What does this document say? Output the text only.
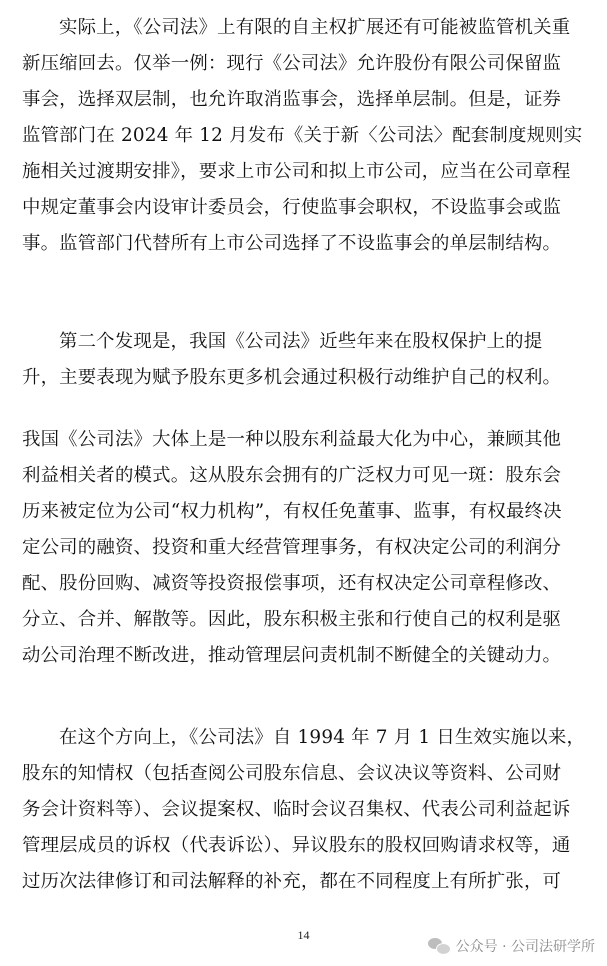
实际上，《公司法》上有限的自主权扩展还有可能被监管机关重
新压缩回去。仅举一例：现行《公司法》允许股份有限公司保留监
事会，选择双层制，也允许取消监事会，选择单层制。但是，证券
监管部门在 2024 年 12 月发布《关于新〈公司法〉配套制度规则实
施相关过渡期安排》，要求上市公司和拟上市公司，应当在公司章程
中规定董事会内设审计委员会，行使监事会职权，不设监事会或监
事。监管部门代替所有上市公司选择了不设监事会的单层制结构。
第二个发现是，我国《公司法》近些年来在股权保护上的提
升，主要表现为赋予股东更多机会通过积极行动维护自己的权利。
我国《公司法》大体上是一种以股东利益最大化为中心，兼顾其他
利益相关者的模式。这从股东会拥有的广泛权力可见一斑：股东会
历来被定位为公司“权力机构”，有权任免董事、监事，有权最终决
定公司的融资、投资和重大经营管理事务，有权决定公司的利润分
配、股份回购、减资等投资报偿事项，还有权决定公司章程修改、
分立、合并、解散等。因此，股东积极主张和行使自己的权利是驱
动公司治理不断改进，推动管理层问责机制不断健全的关键动力。
在这个方向上，《公司法》自 1994 年 7 月 1 日生效实施以来，
股东的知情权（包括查阅公司股东信息、会议决议等资料、公司财
务会计资料等）、会议提案权、临时会议召集权、代表公司利益起诉
管理层成员的诉权（代表诉讼）、异议股东的股权回购请求权等，通
过历次法律修订和司法解释的补充，都在不同程度上有所扩张，可
14
公众号 · 公司法研学所
